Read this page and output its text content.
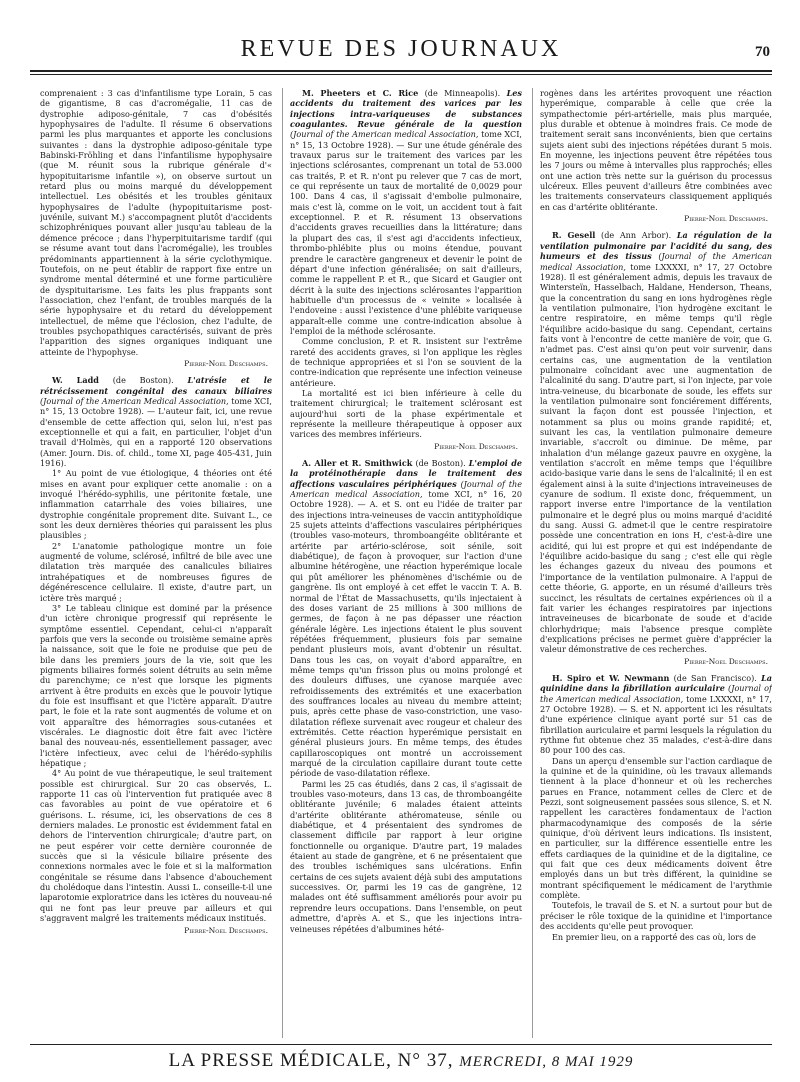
REVUE DES JOURNAUX	70

comprenaient : 3 cas d'infantilisme type Lorain, 5 cas de gigantisme, 8 cas d'acromégalie, 11 cas de dystrophie adiposo-génitale, 7 cas d'obésités hypophysaires de l'adulte. Il résume 6 observations parmi les plus marquantes et apporte les conclusions suivantes : dans la dystrophie adiposo-génitale type Babinski-Fröhling et dans l'infantilisme hypophysaire (que M. réunit sous la rubrique générale d'« hypopituitarisme infantile »), on observe surtout un retard plus ou moins marqué du développement intellectuel. Les obésités et les troubles génitaux hypophysaires de l'adulte (hypopituitarisme post-juvénile, suivant M.) s'accompagnent plutôt d'accidents schizophréniques pouvant aller jusqu'au tableau de la démence précoce ; dans l'hyperpituitarisme tardif (qui se résume avant tout dans l'acromégalie), les troubles prédominants appartiennent à la série cyclothymique. Toutefois, on ne peut établir de rapport fixe entre un syndrome mental déterminé et une forme particulière de dyspituitarisme. Les faits les plus frappants sont l'association, chez l'enfant, de troubles marqués de la série hypophysaire et du retard du développement intellectuel, de même que l'éclosion, chez l'adulte, de troubles psychopathiques caractérisés, suivant de près l'apparition des signes organiques indiquant une atteinte de l'hypophyse.

Pierre-Noel Deschamps.

W. Ladd (de Boston). L'atrésie et le rétrécissement congénital des canaux biliaires (Journal of the American Medical Association, tome XCI, n° 15, 13 Octobre 1928). — L'auteur fait, ici, une revue d'ensemble de cette affection qui, selon lui, n'est pas exceptionnelle et qui a fait, en particulier, l'objet d'un travail d'Holmès, qui en a rapporté 120 observations (Amer. Journ. Dis. of. child., tome XI, page 405-431, Juin 1916).

1° Au point de vue étiologique, 4 théories ont été mises en avant pour expliquer cette anomalie : on a invoqué l'hérédo-syphilis, une péritonite fœtale, une inflammation catarrhale des voies biliaires, une dystrophie congénitale proprement dite. Suivant L., ce sont les deux dernières théories qui paraissent les plus plausibles ;

2° L'anatomie pathologique montre un foie augmenté de volume, sclérosé, infiltré de bile avec une dilatation très marquée des canalicules biliaires intrahépatiques et de nombreuses figures de dégénérescence cellulaire. Il existe, d'autre part, un ictère très marqué ;

3° Le tableau clinique est dominé par la présence d'un ictère chronique progressif qui représente le symptôme essentiel. Cependant, celui-ci n'apparaît parfois que vers la seconde ou troisième semaine après la naissance, soit que le foie ne produise que peu de bile dans les premiers jours de la vie, soit que les pigments biliaires formés soient détruits au sein même du parenchyme; ce n'est que lorsque les pigments arrivent à être produits en excès que le pouvoir lytique du foie est insuffisant et que l'ictère apparaît. D'autre part, le foie et la rate sont augmentés de volume et on voit apparaître des hémorragies sous-cutanées et viscérales. Le diagnostic doit être fait avec l'ictère banal des nouveau-nés, essentiellement passager, avec l'ictère infectieux, avec celui de l'hérédo-syphilis hépatique ;

4° Au point de vue thérapeutique, le seul traitement possible est chirurgical. Sur 20 cas observés, L. rapporte 11 cas où l'intervention fut pratiquée avec 8 cas favorables au point de vue opératoire et 6 guérisons. L. résume, ici, les observations de ces 8 derniers malades. Le pronostic est évidemment fatal en dehors de l'intervention chirurgicale; d'autre part, on ne peut espérer voir cette dernière couronnée de succès que si la vésicule biliaire présente des connexions normales avec le foie et si la malformation congénitale se résume dans l'absence d'abouchement du cholédoque dans l'intestin. Aussi L. conseille-t-il une laparotomie exploratrice dans les ictères du nouveau-né qui ne font pas leur preuve par ailleurs et qui s'aggravent malgré les traitements médicaux institués.

Pierre-Noel Deschamps.

M. Pheeters et C. Rice (de Minneapolis). Les accidents du traitement des varices par les injections intra-variqueuses de substances coagulantes. Revue générale de la question (Journal of the American medical Association, tome XCI, n° 15, 13 Octobre 1928). — Sur une étude générale des travaux parus sur le traitement des varices par les injections sclérosantes, comprenant un total de 53.000 cas traités, P. et R. n'ont pu relever que 7 cas de mort, ce qui représente un taux de mortalité de 0,0029 pour 100. Dans 4 cas, il s'agissait d'embolie pulmonaire, mais c'est là, comme on le voit, un accident tout à fait exceptionnel. P. et R. résument 13 observations d'accidents graves recueillies dans la littérature; dans la plupart des cas, il s'est agi d'accidents infectieux, thrombo-phlébite plus ou moins étendue, pouvant prendre le caractère gangreneux et devenir le point de départ d'une infection généralisée; on sait d'ailleurs, comme le rappellent P. et R., que Sicard et Gaugier ont décrit à la suite des injections sclérosantes l'apparition habituelle d'un processus de « veinite » localisée à l'endoveine : aussi l'existence d'une phlébite variqueuse apparaît-elle comme une contre-indication absolue à l'emploi de la méthode sclérosante.

Comme conclusion, P. et R. insistent sur l'extrême rareté des accidents graves, si l'on applique les règles de technique appropriées et si l'on se souvient de la contre-indication que représente une infection veineuse antérieure.

La mortalité est ici bien inférieure à celle du traitement chirurgical; le traitement sclérosant est aujourd'hui sorti de la phase expérimentale et représente la meilleure thérapeutique à opposer aux varices des membres inférieurs.

Pierre-Noel Deschamps.

A. Aller et R. Smithwick (de Boston). L'emploi de la protéinothérapie dans le traitement des affections vasculaires périphériques (Journal of the American medical Association, tome XCI, n° 16, 20 Octobre 1928). — A. et S. ont eu l'idée de traiter par des injections intra-veineuses de vaccin antityphoïdique 25 sujets atteints d'affections vasculaires périphériques (troubles vaso-moteurs, thromboangéite oblitérante et artérite par artério-sclérose, soit sénile, soit diabétique), de façon à provoquer, sur l'action d'une albumine hétérogène, une réaction hyperémique locale qui pût améliorer les phénomènes d'ischémie ou de gangrène. Ils ont employé à cet effet le vaccin T. A. B. normal de l'État de Massachusetts, qu'ils injectaient à des doses variant de 25 millions à 300 millions de germes, de façon à ne pas dépasser une réaction générale légère. Les injections étaient le plus souvent répétées fréquemment, plusieurs fois par semaine pendant plusieurs mois, avant d'obtenir un résultat. Dans tous les cas, on voyait d'abord apparaître, en même temps qu'un frisson plus ou moins prolongé et des douleurs diffuses, une cyanose marquée avec refroidissements des extrémités et une exacerbation des souffrances locales au niveau du membre atteint; puis, après cette phase de vaso-constriction, une vaso-dilatation réflexe survenait avec rougeur et chaleur des extrémités. Cette réaction hyperémique persistait en général plusieurs jours. En même temps, des études capillaroscopiques ont montré un accroissement marqué de la circulation capillaire durant toute cette période de vaso-dilatation réflexe.

Parmi les 25 cas étudiés, dans 2 cas, il s'agissait de troubles vaso-moteurs, dans 13 cas, de thromboangéite oblitérante juvénile; 6 malades étaient atteints d'artérite oblitérante athéromateuse, sénile ou diabétique, et 4 présentaient des syndromes de classement difficile par rapport à leur origine fonctionnelle ou organique. D'autre part, 19 malades étaient au stade de gangrène, et 6 ne présentaient que des troubles ischémiques sans ulcérations. Enfin certains de ces sujets avaient déjà subi des amputations successives. Or, parmi les 19 cas de gangrène, 12 malades ont été suffisamment améliorés pour avoir pu reprendre leurs occupations. Dans l'ensemble, on peut admettre, d'après A. et S., que les injections intra-veineuses répétées d'albumines hété-

rogènes dans les artérites provoquent une réaction hyperémique, comparable à celle que crée la sympathectomie péri-artérielle, mais plus marquée, plus durable et obtenue à moindres frais. Ce mode de traitement serait sans inconvénients, bien que certains sujets aient subi des injections répétées durant 5 mois. En moyenne, les injections peuvent être répétées tous les 7 jours ou même à intervalles plus rapprochés; elles ont une action très nette sur la guérison du processus ulcéreux. Elles peuvent d'ailleurs être combinées avec les traitements conservateurs classiquement appliqués en cas d'artérite oblitérante.

Pierre-Noel Deschamps.

R. Gesell (de Ann Arbor). La régulation de la ventilation pulmonaire par l'acidité du sang, des humeurs et des tissus (Journal of the American medical Association, tome LXXXXI, n° 17, 27 Octobre 1928). Il est généralement admis, depuis les travaux de Wintersteïn, Hasselbach, Haldane, Henderson, Theans, que la concentration du sang en ions hydrogènes règle la ventilation pulmonaire, l'ion hydrogène excitant le centre respiratoire, en même temps qu'il règle l'équilibre acido-basique du sang. Cependant, certains faits vont à l'encontre de cette manière de voir, que G. n'admet pas. C'est ainsi qu'on peut voir survenir, dans certains cas, une augmentation de la ventilation pulmonaire coïncidant avec une augmentation de l'alcalinité du sang. D'autre part, si l'on injecte, par voie intra-veineuse, du bicarbonate de soude, les effets sur la ventilation pulmonaire sont fonciérement différents, suivant la façon dont est poussée l'injection, et notamment sa plus ou moins grande rapidité; et, suivant les cas, la ventilation pulmonaire demeure invariable, s'accroît ou diminue. De même, par inhalation d'un mélange gazeux pauvre en oxygène, la ventilation s'accroît en même temps que l'équilibre acido-basique varie dans le sens de l'alcalinité; il en est également ainsi à la suite d'injections intraveineuses de cyanure de sodium. Il existe donc, fréquemment, un rapport inverse entre l'importance de la ventilation pulmonaire et le degré plus ou moins marqué d'acidité du sang. Aussi G. admet-il que le centre respiratoire possède une concentration en ions H, c'est-à-dire une acidité, qui lui est propre et qui est indépendante de l'équilibre acido-basique du sang ; c'est elle qui règle les échanges gazeux du niveau des poumons et l'importance de la ventilation pulmonaire. A l'appui de cette théorie, G. apporte, en un résumé d'ailleurs très succinct, les résultats de certaines expériences où il a fait varier les échanges respiratoires par injections intraveineuses de bicarbonate de soude et d'acide chlorhydrique; mais l'absence presque complète d'explications précises ne permet guère d'apprécier la valeur démonstrative de ces recherches.

Pierre-Noel Deschamps.

H. Spiro et W. Newmann (de San Francisco). La quinidine dans la fibrillation auriculaire (Journal of the American medical Association, tome LXXXXI, n° 17, 27 Octobre 1928). — S. et N. apportent ici les résultats d'une expérience clinique ayant porté sur 51 cas de fibrillation auriculaire et parmi lesquels la régulation du rythme fut obtenue chez 35 malades, c'est-à-dire dans 80 pour 100 des cas.

Dans un aperçu d'ensemble sur l'action cardiaque de la quinine et de la quinidine, où les travaux allemands tiennent à la place d'honneur et où les recherches parues en France, notamment celles de Clerc et de Pezzi, sont soigneusement passées sous silence, S. et N. rappellent les caractères fondamentaux de l'action pharmacodynamique des composés de la série quinique, d'où dérivent leurs indications. Ils insistent, en particulier, sur la différence essentielle entre les effets cardiaques de la quinidine et de la digitaline, ce qui fait que ces deux médicaments doivent être employés dans un but très différent, la quinidine se montrant spécifiquement le médicament de l'arythmie complète.

Toutefois, le travail de S. et N. a surtout pour but de préciser le rôle toxique de la quinidine et l'importance des accidents qu'elle peut provoquer.

En premier lieu, on a rapporté des cas où, lors de

LA PRESSE MÉDICALE, N° 37, MERCREDI, 8 MAI 1929
